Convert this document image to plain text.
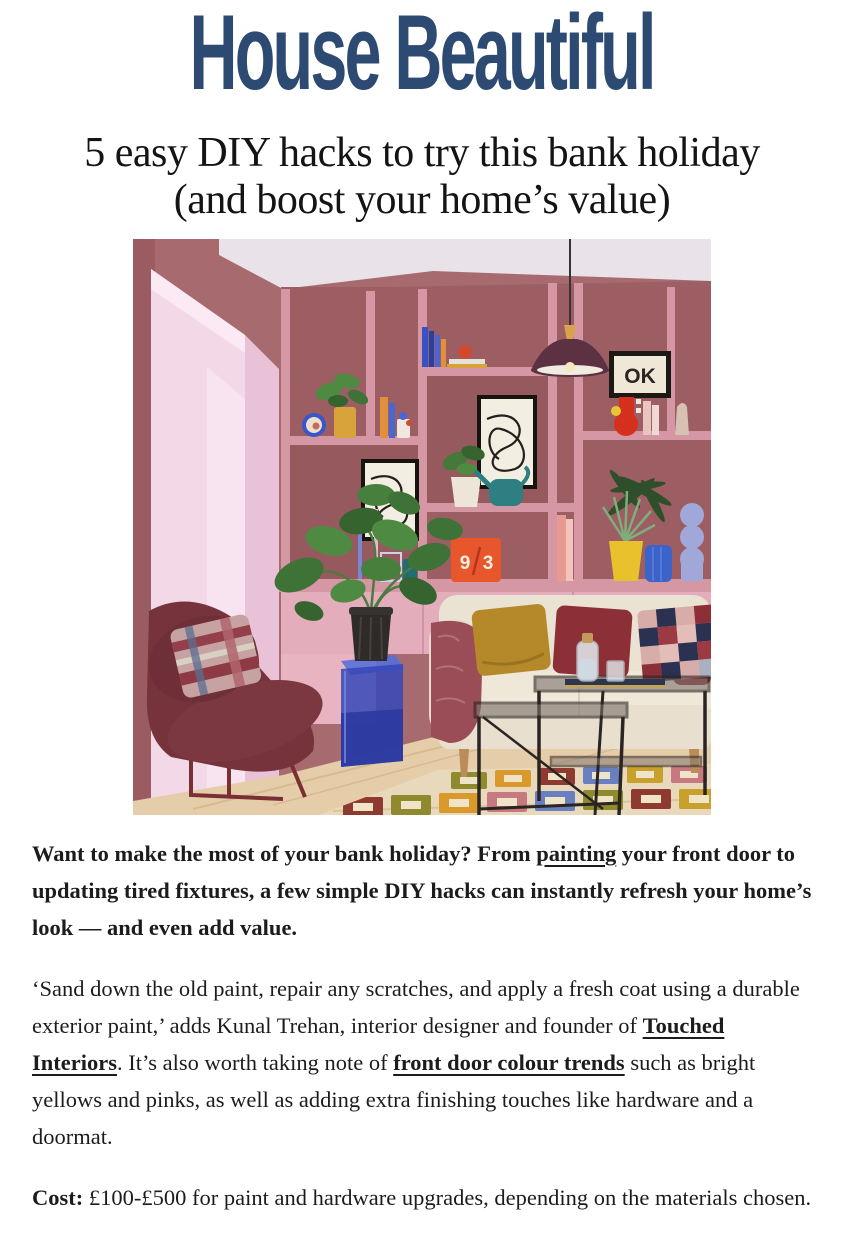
House Beautiful
5 easy DIY hacks to try this bank holiday
(and boost your home’s value)
OK
9 3

Want to make the most of your bank holiday? From painting your front door to updating tired fixtures, a few simple DIY hacks can instantly refresh your home’s look — and even add value.

‘Sand down the old paint, repair any scratches, and apply a fresh coat using a durable exterior paint,’ adds Kunal Trehan, interior designer and founder of Touched Interiors. It’s also worth taking note of front door colour trends such as bright yellows and pinks, as well as adding extra finishing touches like hardware and a doormat.

Cost: £100-£500 for paint and hardware upgrades, depending on the materials chosen.
